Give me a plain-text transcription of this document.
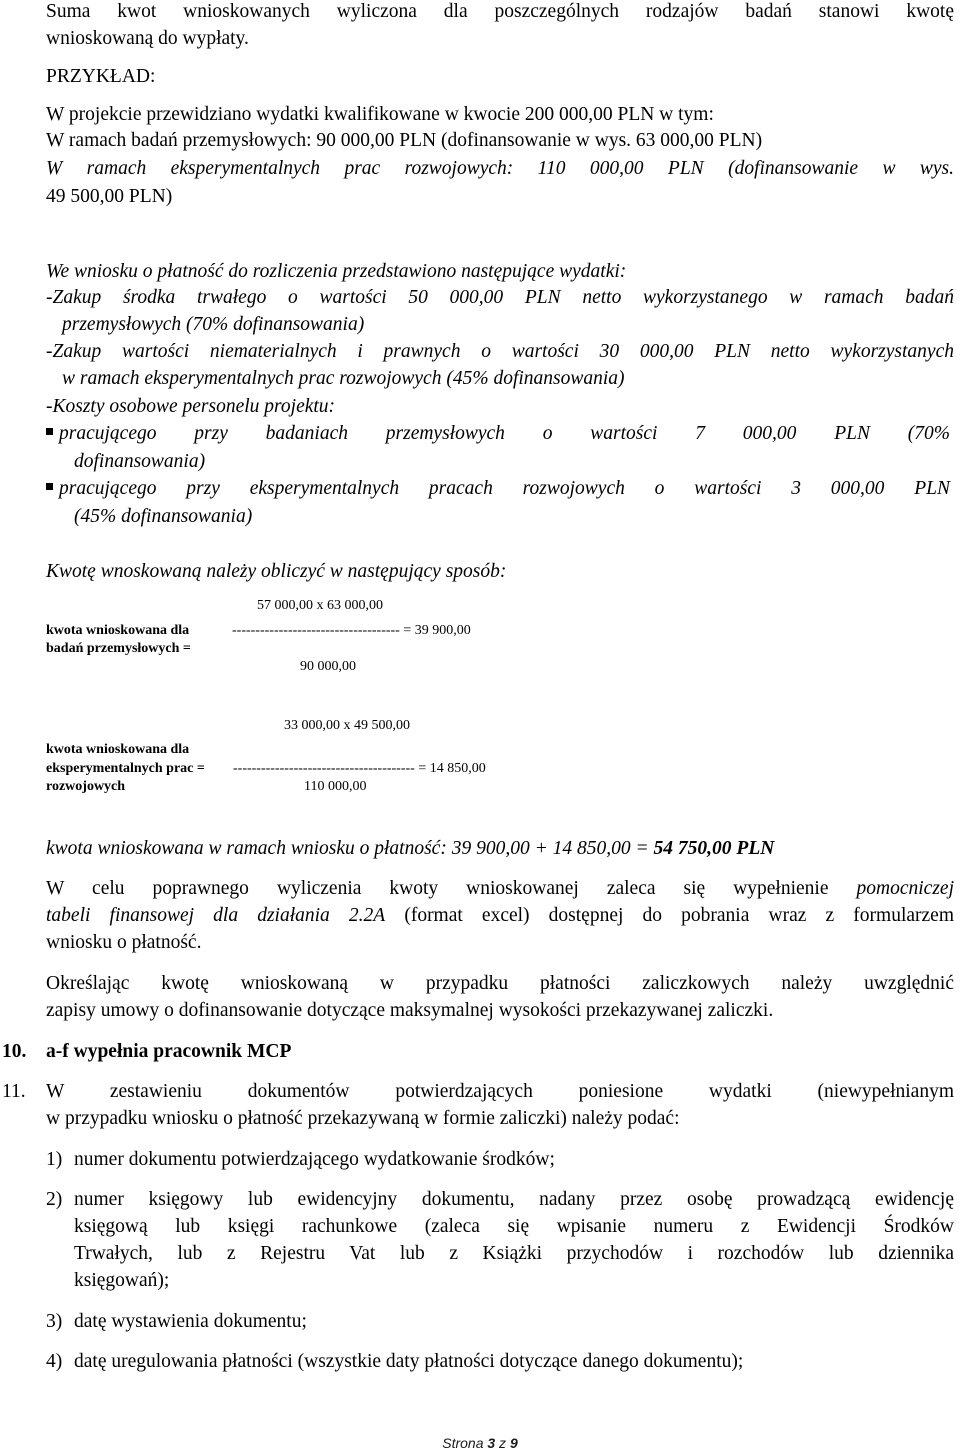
Suma kwot wnioskowanych wyliczona dla poszczególnych rodzajów badań stanowi kwotę
wnioskowaną do wypłaty.
PRZYKŁAD:
W projekcie przewidziano wydatki kwalifikowane w kwocie 200 000,00 PLN w tym:
W ramach badań przemysłowych: 90 000,00 PLN (dofinansowanie w wys. 63 000,00 PLN)
W ramach eksperymentalnych prac rozwojowych: 110 000,00 PLN (dofinansowanie w wys.
49 500,00 PLN)
We wniosku o płatność do rozliczenia przedstawiono następujące wydatki:
-Zakup środka trwałego o wartości 50 000,00 PLN netto wykorzystanego w ramach badań
przemysłowych (70% dofinansowania)
-Zakup wartości niematerialnych i prawnych o wartości 30 000,00 PLN netto wykorzystanych
w ramach eksperymentalnych prac rozwojowych (45% dofinansowania)
-Koszty osobowe personelu projektu:
pracującego przy badaniach przemysłowych o wartości 7 000,00 PLN (70%
dofinansowania)
pracującego przy eksperymentalnych pracach rozwojowych o wartości 3 000,00 PLN
(45% dofinansowania)
Kwotę wnoskowaną należy obliczyć w następujący sposób:
57 000,00 x 63 000,00
kwota wnioskowana dla	------------------------------------ = 39 900,00
badań przemysłowych =
90 000,00
33 000,00 x 49 500,00
kwota wnioskowana dla
eksperymentalnych prac = --------------------------------------- = 14 850,00
rozwojowych	110 000,00
kwota wnioskowana w ramach wniosku o płatność: 39 900,00 + 14 850,00 = 54 750,00 PLN
W celu poprawnego wyliczenia kwoty wnioskowanej zaleca się wypełnienie pomocniczej
tabeli finansowej dla działania 2.2A (format excel) dostępnej do pobrania wraz z formularzem
wniosku o płatność.
Określając kwotę wnioskowaną w przypadku płatności zaliczkowych należy uwzględnić
zapisy umowy o dofinansowanie dotyczące maksymalnej wysokości przekazywanej zaliczki.
10. a-f wypełnia pracownik MCP
11. W zestawieniu dokumentów potwierdzających poniesione wydatki (niewypełnianym
w przypadku wniosku o płatność przekazywaną w formie zaliczki) należy podać:
1) numer dokumentu potwierdzającego wydatkowanie środków;
2) numer księgowy lub ewidencyjny dokumentu, nadany przez osobę prowadzącą ewidencję
księgową lub księgi rachunkowe (zaleca się wpisanie numeru z Ewidencji Środków
Trwałych, lub z Rejestru Vat lub z Książki przychodów i rozchodów lub dziennika
księgowań);
3) datę wystawienia dokumentu;
4) datę uregulowania płatności (wszystkie daty płatności dotyczące danego dokumentu);
Strona 3 z 9
